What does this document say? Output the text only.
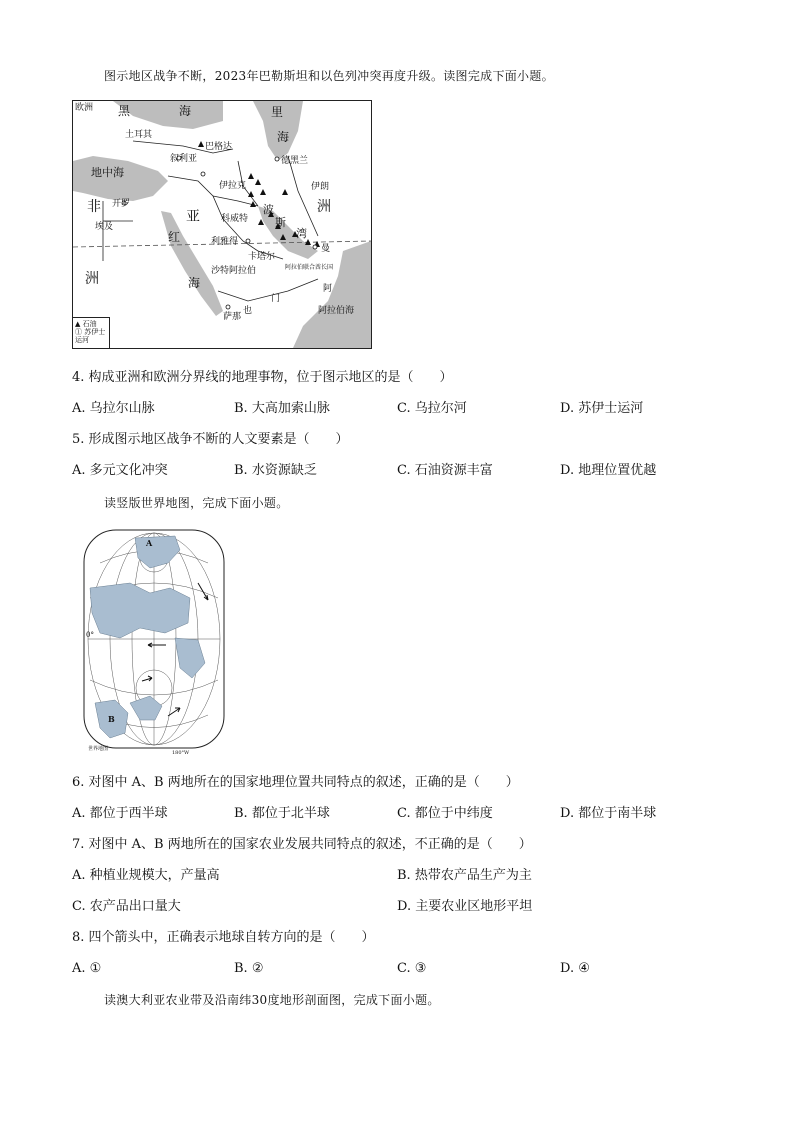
图示地区战争不断，2023年巴勒斯坦和以色列冲突再度升级。读图完成下面小题。
欧洲 黑	海	里
海
土耳其
叙利亚
巴格达
德黑兰
地中海
伊拉克	伊朗
非 开罗
亚
洲
波
埃及
科威特 斯
红	利雅得
湾
卡塔尔
阿拉伯联合酋长国
曼
洲	沙特阿拉伯
阿
海
门
也
萨那
阿拉伯海
▲ 石油
① 苏伊士运河
4. 构成亚洲和欧洲分界线的地理事物，位于图示地区的是（　　）
A. 乌拉尔山脉	B. 大高加索山脉	C. 乌拉尔河	D. 苏伊士运河
5. 形成图示地区战争不断的人文要素是（　　）
A. 多元文化冲突	B. 水资源缺乏	C. 石油资源丰富	D. 地理位置优越
读竖版世界地图，完成下面小题。
A
B
0°
世界地图
180°W
6. 对图中 A、B 两地所在的国家地理位置共同特点的叙述，正确的是（　　）
A. 都位于西半球	B. 都位于北半球	C. 都位于中纬度	D. 都位于南半球
7. 对图中 A、B 两地所在的国家农业发展共同特点的叙述，不正确的是（　　）
A. 种植业规模大，产量高	B. 热带农产品生产为主
C. 农产品出口量大	D. 主要农业区地形平坦
8. 四个箭头中，正确表示地球自转方向的是（　　）
A. ①	B. ②	C. ③	D. ④
读澳大利亚农业带及沿南纬30度地形剖面图，完成下面小题。
